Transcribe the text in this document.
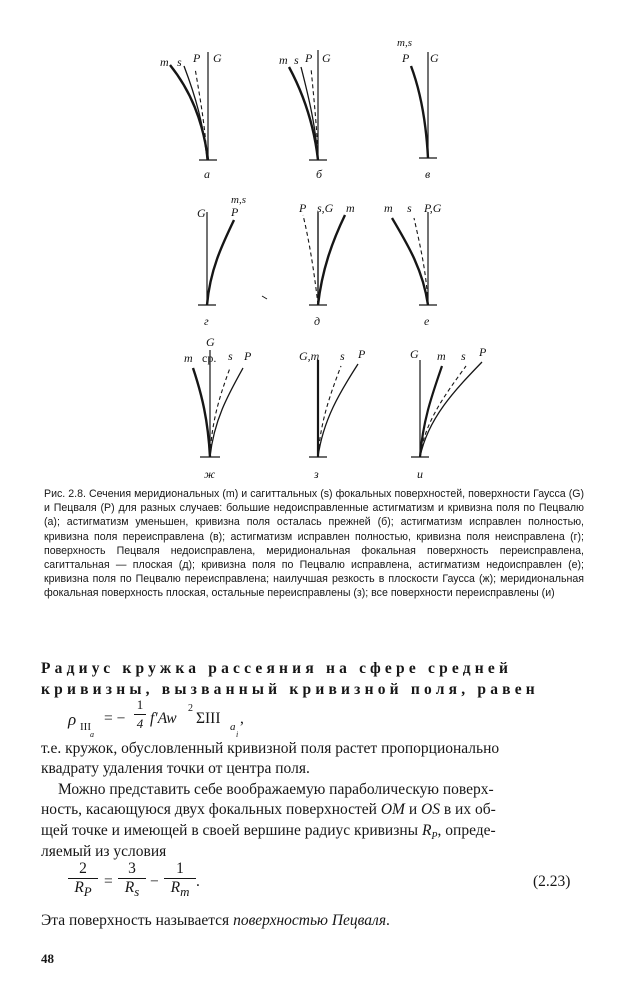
m s P G
а
m s P G
б
m,s
P G
в
G
m,s
P
г
P s,G m
д
m s P,G
е
G
m ср. s P
ж
G,m s P
з
G m s P
и
Рис. 2.8. Сечения меридиональных (m) и сагиттальных (s) фокальных поверхностей, поверхности Гаусса (G) и Пецваля (P) для разных случаев: большие недоисправленные астигматизм и кривизна поля по Пецвалю (а); астигматизм уменьшен, кривизна поля осталась прежней (б); астигматизм исправлен полностью, кривизна поля переисправлена (в); астигматизм исправлен полностью, кривизна поля неисправлена (г); поверхность Пецваля недоисправлена, меридиональная фокальная поверхность переисправлена, сагиттальная — плоская (д); кривизна поля по Пецвалю исправлена, астигматизм недоисправлен (е); кривизна поля по Пецвалю переисправлена; наилучшая резкость в плоскости Гаусса (ж); меридиональная фокальная поверхность плоская, остальные переисправлены (з); все поверхности переисправлены (и)
Радиус кружка рассеяния на сфере средней
кривизны, вызванный кривизной поля, равен
ρ III
a
= − $\frac{1}{4} f'Aw$
2
ΣIII a
i
,
т.е. кружок, обусловленный кривизной поля растет пропорционально
квадрату удаления точки от центра поля.
Можно представить себе воображаемую параболическую поверх-
ность, касающуюся двух фокальных поверхностей OM и OS в их об-
щей точке и имеющей в своей вершине радиус кривизны $R_P$, опреде-
ляемый из условия
$\frac{2}{R_P} = \frac{3}{R_s} - \frac{1}{R_m}$ .	(2.23)
Эта поверхность называется поверхностью Пецваля.
48
